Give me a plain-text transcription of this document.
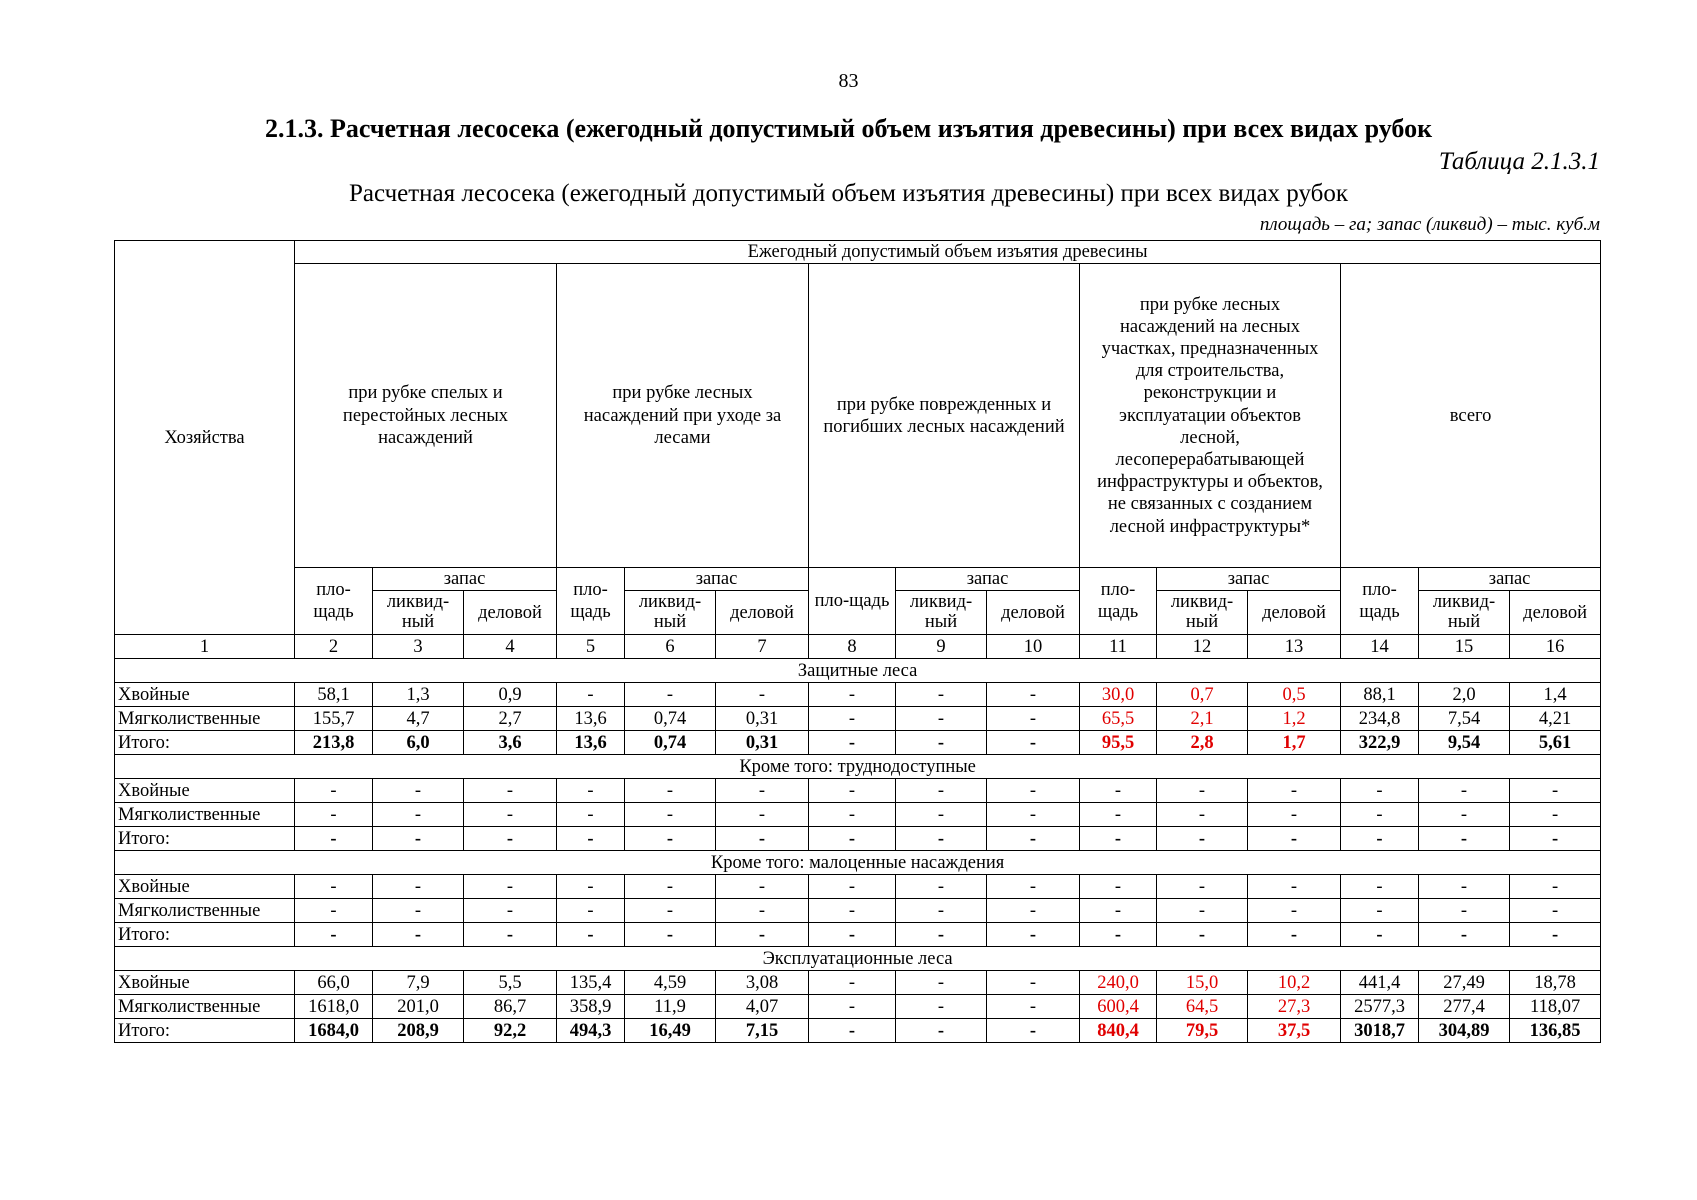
83
2.1.3. Расчетная лесосека (ежегодный допустимый объем изъятия древесины) при всех видах рубок
Таблица 2.1.3.1
Расчетная лесосека (ежегодный допустимый объем изъятия древесины) при всех видах рубок
площадь – га; запас (ликвид) – тыс. куб.м
Хозяйства	Ежегодный допустимый объем изъятия древесины														
	при рубке спелых и перестойных лесных насаждений			при рубке лесных насаждений при уходе за лесами			при рубке поврежденных и погибших лесных насаждений			при рубке лесных насаждений на лесных участках, предназначенных для строительства, реконструкции и эксплуатации объектов лесной, лесоперерабатывающей инфраструктуры и объектов, не связанных с созданием лесной инфраструктуры*			всего		
	пло-щадь	запас		пло-щадь	запас		пло-щадь	запас		пло-щадь	запас		пло-щадь	запас	
		ликвид-ный	деловой		ликвид-ный	деловой		ликвид-ный	деловой		ликвид-ный	деловой		ликвид-ный	деловой
1	2	3	4	5	6	7	8	9	10	11	12	13	14	15	16
Защитные леса															
Хвойные	58,1	1,3	0,9	-	-	-	-	-	-	30,0	0,7	0,5	88,1	2,0	1,4
Мягколиственные	155,7	4,7	2,7	13,6	0,74	0,31	-	-	-	65,5	2,1	1,2	234,8	7,54	4,21
Итого:	213,8	6,0	3,6	13,6	0,74	0,31	-	-	-	95,5	2,8	1,7	322,9	9,54	5,61
Кроме того: труднодоступные															
Хвойные	-	-	-	-	-	-	-	-	-	-	-	-	-	-	-
Мягколиственные	-	-	-	-	-	-	-	-	-	-	-	-	-	-	-
Итого:	-	-	-	-	-	-	-	-	-	-	-	-	-	-	-
Кроме того: малоценные насаждения															
Хвойные	-	-	-	-	-	-	-	-	-	-	-	-	-	-	-
Мягколиственные	-	-	-	-	-	-	-	-	-	-	-	-	-	-	-
Итого:	-	-	-	-	-	-	-	-	-	-	-	-	-	-	-
Эксплуатационные леса															
Хвойные	66,0	7,9	5,5	135,4	4,59	3,08	-	-	-	240,0	15,0	10,2	441,4	27,49	18,78
Мягколиственные	1618,0	201,0	86,7	358,9	11,9	4,07	-	-	-	600,4	64,5	27,3	2577,3	277,4	118,07
Итого:	1684,0	208,9	92,2	494,3	16,49	7,15	-	-	-	840,4	79,5	37,5	3018,7	304,89	136,85
